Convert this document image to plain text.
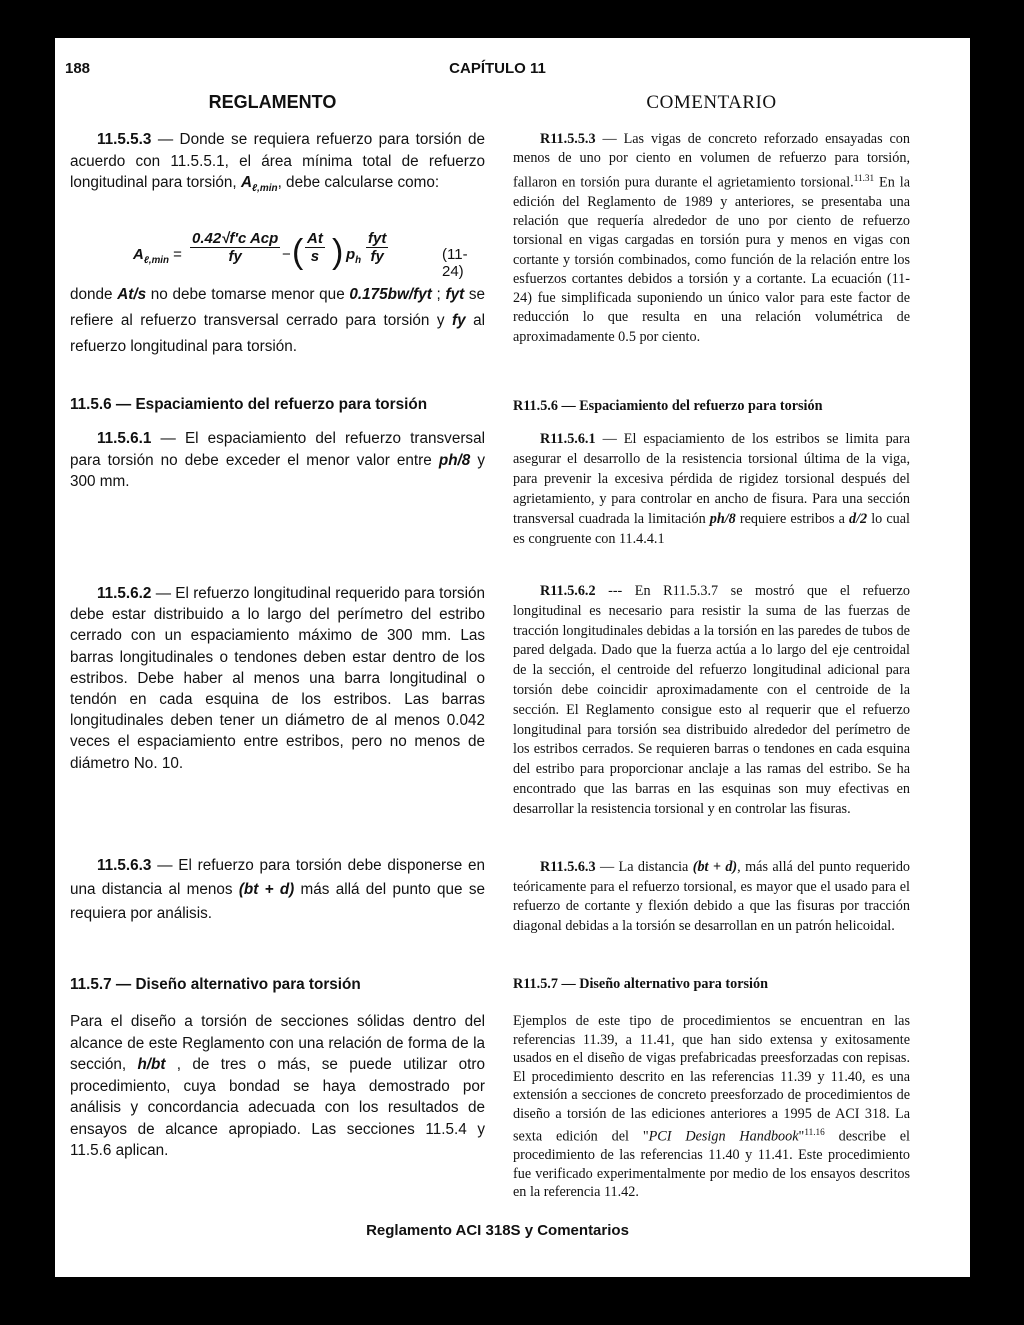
188	CAPÍTULO 11
REGLAMENTO	COMENTARIO
11.5.5.3 — Donde se requiera refuerzo para torsión de acuerdo con 11.5.5.1, el área mínima total de refuerzo longitudinal para torsión, $A_{\ell,min}$, debe calcularse como:
$A_{\ell,min}$ =
0.42√f′c Acp
fy	− ( $\frac{At}{s}$ ) $p_h$
fyt
fy	(11-24)
donde At/s no debe tomarse menor que 0.175bw/fyt ; fyt se refiere al refuerzo transversal cerrado para torsión y fy al refuerzo longitudinal para torsión.
11.5.6 — Espaciamiento del refuerzo para torsión
11.5.6.1 — El espaciamiento del refuerzo transversal para torsión no debe exceder el menor valor entre ph/8 y 300 mm.
11.5.6.2 — El refuerzo longitudinal requerido para torsión debe estar distribuido a lo largo del perímetro del estribo cerrado con un espaciamiento máximo de 300 mm. Las barras longitudinales o tendones deben estar dentro de los estribos. Debe haber al menos una barra longitudinal o tendón en cada esquina de los estribos. Las barras longitudinales deben tener un diámetro de al menos 0.042 veces el espaciamiento entre estribos, pero no menos de diámetro No. 10.
11.5.6.3 — El refuerzo para torsión debe disponerse en una distancia al menos (bt + d) más allá del punto que se requiera por análisis.
11.5.7 — Diseño alternativo para torsión
Para el diseño a torsión de secciones sólidas dentro del alcance de este Reglamento con una relación de forma de la sección, h/bt , de tres o más, se puede utilizar otro procedimiento, cuya bondad se haya demostrado por análisis y concordancia adecuada con los resultados de ensayos de alcance apropiado. Las secciones 11.5.4 y 11.5.6 aplican.
R11.5.5.3 — Las vigas de concreto reforzado ensayadas con menos de uno por ciento en volumen de refuerzo para torsión, fallaron en torsión pura durante el agrietamiento torsional.$^{11.31}$ En la edición del Reglamento de 1989 y anteriores, se presentaba una relación que requería alrededor de uno por ciento de refuerzo torsional en vigas cargadas en torsión pura y menos en vigas con cortante y torsión combinados, como función de la relación entre los esfuerzos cortantes debidos a torsión y a cortante. La ecuación (11-24) fue simplificada suponiendo un único valor para este factor de reducción lo que resulta en una relación volumétrica de aproximadamente 0.5 por ciento.
R11.5.6 — Espaciamiento del refuerzo para torsión
R11.5.6.1 — El espaciamiento de los estribos se limita para asegurar el desarrollo de la resistencia torsional última de la viga, para prevenir la excesiva pérdida de rigidez torsional después del agrietamiento, y para controlar en ancho de fisura. Para una sección transversal cuadrada la limitación ph/8 requiere estribos a d/2 lo cual es congruente con 11.4.4.1
R11.5.6.2 --- En R11.5.3.7 se mostró que el refuerzo longitudinal es necesario para resistir la suma de las fuerzas de tracción longitudinales debidas a la torsión en las paredes de tubos de pared delgada. Dado que la fuerza actúa a lo largo del eje centroidal de la sección, el centroide del refuerzo longitudinal adicional para torsión debe coincidir aproximadamente con el centroide de la sección. El Reglamento consigue esto al requerir que el refuerzo longitudinal para torsión sea distribuido alrededor del perímetro de los estribos cerrados. Se requieren barras o tendones en cada esquina del estribo para proporcionar anclaje a las ramas del estribo. Se ha encontrado que las barras en las esquinas son muy efectivas en desarrollar la resistencia torsional y en controlar las fisuras.
R11.5.6.3 — La distancia (bt + d), más allá del punto requerido teóricamente para el refuerzo torsional, es mayor que el usado para el refuerzo de cortante y flexión debido a que las fisuras por tracción diagonal debidas a la torsión se desarrollan en un patrón helicoidal.
R11.5.7 — Diseño alternativo para torsión
Ejemplos de este tipo de procedimientos se encuentran en las referencias 11.39, a 11.41, que han sido extensa y exitosamente usados en el diseño de vigas prefabricadas preesforzadas con repisas. El procedimiento descrito en las referencias 11.39 y 11.40, es una extensión a secciones de concreto preesforzado de procedimientos de diseño a torsión de las ediciones anteriores a 1995 de ACI 318. La sexta edición del "PCI Design Handbook"$^{11.16}$ describe el procedimiento de las referencias 11.40 y 11.41. Este procedimiento fue verificado experimentalmente por medio de los ensayos descritos en la referencia 11.42.
Reglamento ACI 318S y Comentarios
